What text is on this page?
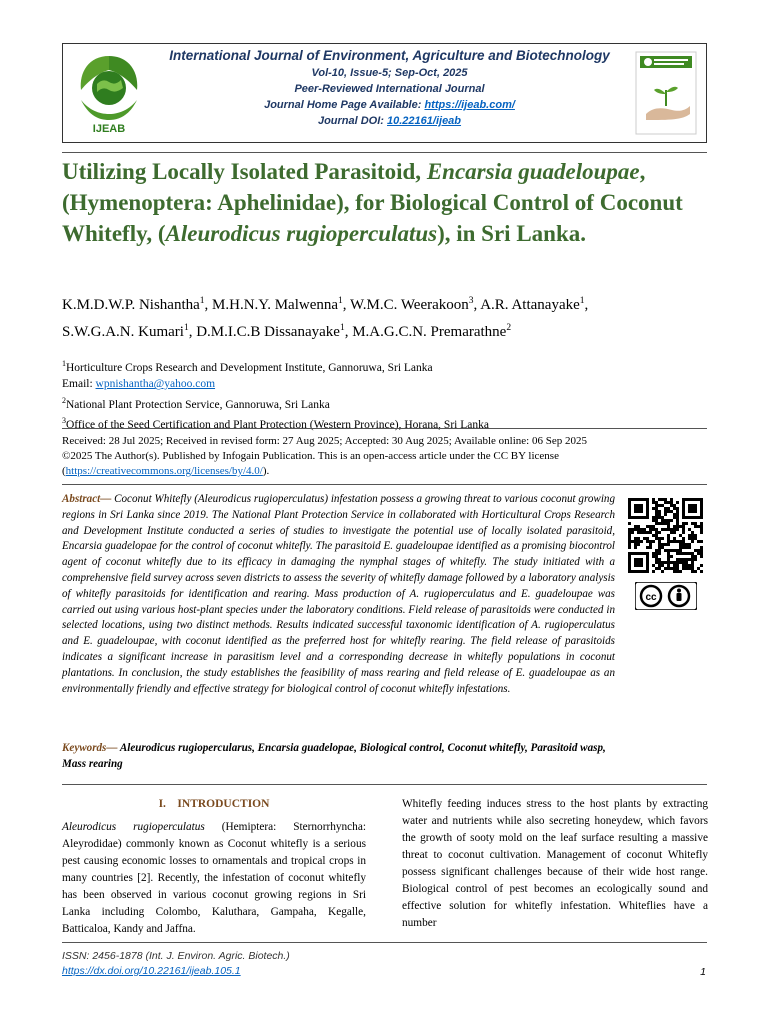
IJEAB
International Journal of Environment, Agriculture and Biotechnology
Vol-10, Issue-5; Sep-Oct, 2025
Peer-Reviewed International Journal
Journal Home Page Available: https://ijeab.com/
Journal DOI: 10.22161/ijeab
Utilizing Locally Isolated Parasitoid, Encarsia guadeloupae, (Hymenoptera: Aphelinidae), for Biological Control of Coconut Whitefly, (Aleurodicus rugioperculatus), in Sri Lanka.
K.M.D.W.P. Nishantha$^1$, M.H.N.Y. Malwenna$^1$, W.M.C. Weerakoon$^3$, A.R. Attanayake$^1$,
S.W.G.A.N. Kumari$^1$, D.M.I.C.B Dissanayake$^1$, M.A.G.C.N. Premarathne$^2$
$^1$Horticulture Crops Research and Development Institute, Gannoruwa, Sri Lanka
Email: wpnishantha@yahoo.com
$^2$National Plant Protection Service, Gannoruwa, Sri Lanka
$^3$Office of the Seed Certification and Plant Protection (Western Province), Horana, Sri Lanka
Received: 28 Jul 2025; Received in revised form: 27 Aug 2025; Accepted: 30 Aug 2025; Available online: 06 Sep 2025
©2025 The Author(s). Published by Infogain Publication. This is an open-access article under the CC BY license
(https://creativecommons.org/licenses/by/4.0/).
Abstract— Coconut Whitefly (Aleurodicus rugioperculatus) infestation possess a growing threat to various coconut growing regions in Sri Lanka since 2019. The National Plant Protection Service in collaborated with Horticultural Crops Research and Development Institute conducted a series of studies to investigate the potential use of locally isolated parasitoid, Encarsia guadelopae for the control of coconut whitefly. The parasitoid E. guadeloupae identified as a promising biocontrol agent of coconut whitefly due to its efficacy in damaging the nymphal stages of whitefly. The study initiated with a comprehensive field survey across seven districts to assess the severity of whitefly damage followed by a laboratory analysis of whitefly parasitoids for identification and rearing. Mass production of A. rugioperculatus and E. guadeloupae was carried out using various host-plant species under the laboratory conditions. Field release of parasitoids were conducted in selected locations, using two distinct methods. Results indicated successful taxonomic identification of A. rugioperculatus and E. guadeloupae, with coconut identified as the preferred host for whitefly rearing. The field release of parasitoids indicates a significant increase in parasitism level and a corresponding decrease in whitefly populations in coconut plantations. In conclusion, the study establishes the feasibility of mass rearing and field release of E. guadeloupae as an environmentally friendly and effective strategy for biological control of coconut whitefly infestations.
cc
Keywords— Aleurodicus rugiopercularus, Encarsia guadelopae, Biological control, Coconut whitefly, Parasitoid wasp, Mass rearing
I. INTRODUCTION
Aleurodicus rugioperculatus (Hemiptera: Sternorrhyncha: Aleyrodidae) commonly known as Coconut whitefly is a serious pest causing economic losses to ornamentals and tropical crops in many countries [2]. Recently, the infestation of coconut whitefly has been observed in various coconut growing regions in Sri Lanka including Colombo, Kaluthara, Gampaha, Kegalle, Batticaloa, Kandy and Jaffna.
Whitefly feeding induces stress to the host plants by extracting water and nutrients while also secreting honeydew, which favors the growth of sooty mold on the leaf surface resulting a massive threat to coconut cultivation. Management of coconut Whitefly possess significant challenges because of their wide host range. Biological control of pest becomes an ecologically sound and effective solution for whitefly infestation. Whiteflies have a number
ISSN: 2456-1878 (Int. J. Environ. Agric. Biotech.)
https://dx.doi.org/10.22161/ijeab.105.1	1
